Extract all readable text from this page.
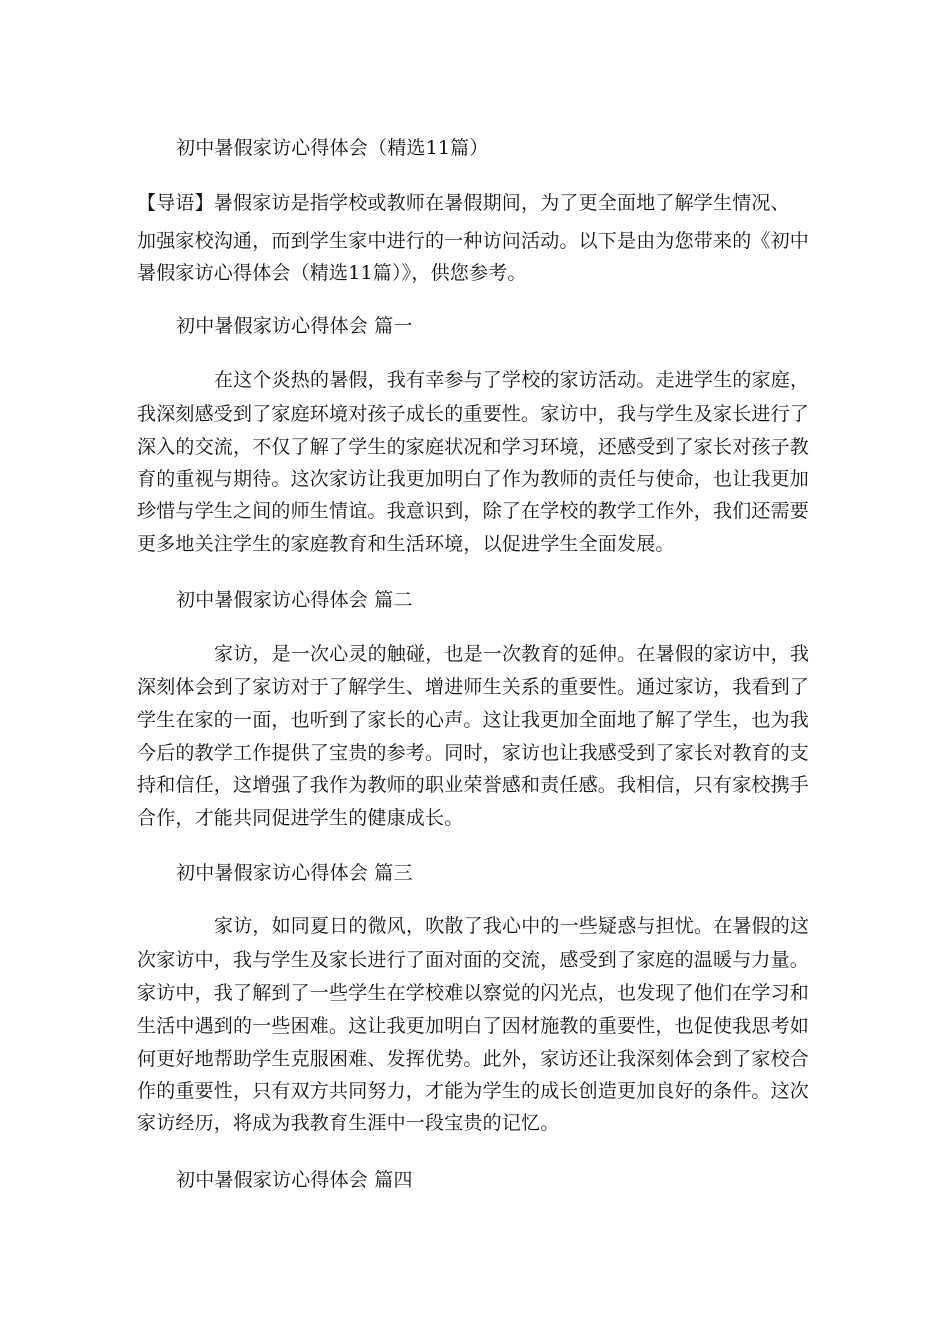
初中暑假家访心得体会（精选11篇）
【导语】暑假家访是指学校或教师在暑假期间，为了更全面地了解学生情况、
加强家校沟通，而到学生家中进行的一种访问活动。以下是由为您带来的《初中
暑假家访心得体会（精选11篇）》，供您参考。
初中暑假家访心得体会 篇一
在这个炎热的暑假，我有幸参与了学校的家访活动。走进学生的家庭，
我深刻感受到了家庭环境对孩子成长的重要性。家访中，我与学生及家长进行了
深入的交流，不仅了解了学生的家庭状况和学习环境，还感受到了家长对孩子教
育的重视与期待。这次家访让我更加明白了作为教师的责任与使命，也让我更加
珍惜与学生之间的师生情谊。我意识到，除了在学校的教学工作外，我们还需要
更多地关注学生的家庭教育和生活环境，以促进学生全面发展。
初中暑假家访心得体会 篇二
家访，是一次心灵的触碰，也是一次教育的延伸。在暑假的家访中，我
深刻体会到了家访对于了解学生、增进师生关系的重要性。通过家访，我看到了
学生在家的一面，也听到了家长的心声。这让我更加全面地了解了学生，也为我
今后的教学工作提供了宝贵的参考。同时，家访也让我感受到了家长对教育的支
持和信任，这增强了我作为教师的职业荣誉感和责任感。我相信，只有家校携手
合作，才能共同促进学生的健康成长。
初中暑假家访心得体会 篇三
家访，如同夏日的微风，吹散了我心中的一些疑惑与担忧。在暑假的这
次家访中，我与学生及家长进行了面对面的交流，感受到了家庭的温暖与力量。
家访中，我了解到了一些学生在学校难以察觉的闪光点，也发现了他们在学习和
生活中遇到的一些困难。这让我更加明白了因材施教的重要性，也促使我思考如
何更好地帮助学生克服困难、发挥优势。此外，家访还让我深刻体会到了家校合
作的重要性，只有双方共同努力，才能为学生的成长创造更加良好的条件。这次
家访经历，将成为我教育生涯中一段宝贵的记忆。
初中暑假家访心得体会 篇四
